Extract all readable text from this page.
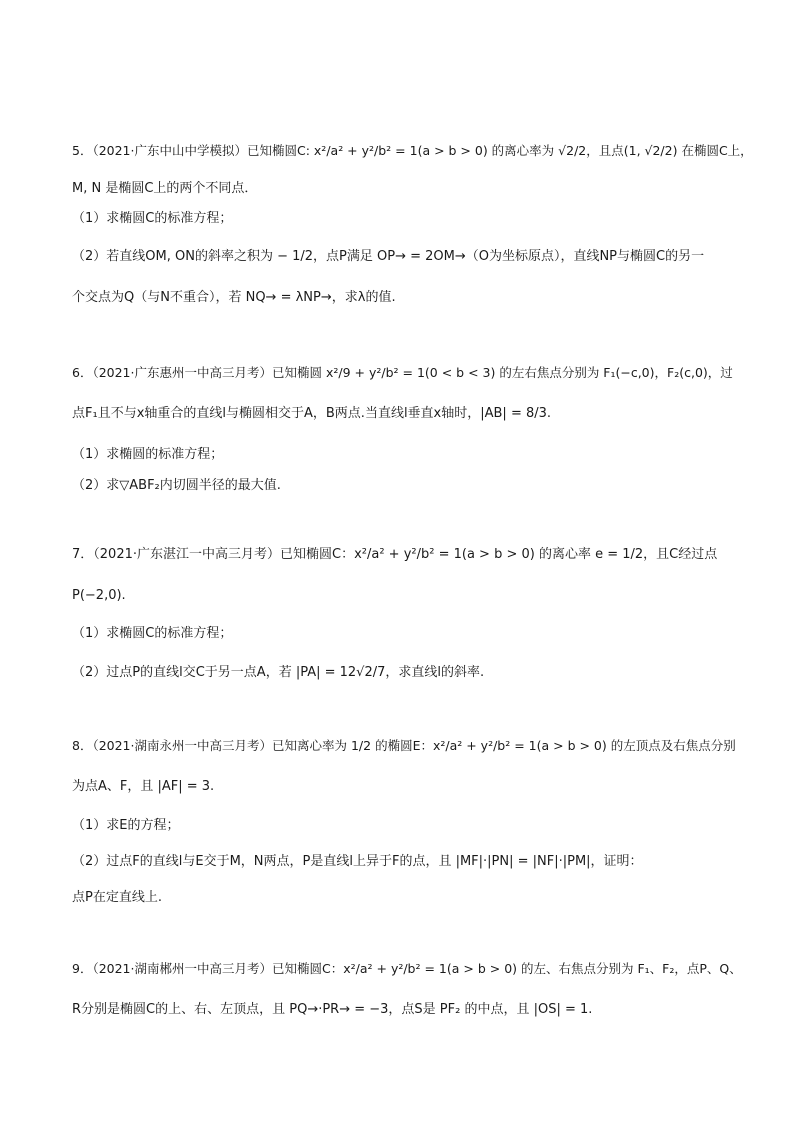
5．（2021·广东中山中学模拟）已知椭圆C: x²/a² + y²/b² = 1(a > b > 0) 的离心率为 √2/2，且点(1, √2/2) 在椭圆C上，
M, N 是椭圆C上的两个不同点．
（1）求椭圆C的标准方程；
（2）若直线OM, ON的斜率之积为 − 1/2，点P满足 OP→ = 2OM→（O为坐标原点），直线NP与椭圆C的另一
个交点为Q（与N不重合），若 NQ→ = λNP→，求λ的值.
6．（2021·广东惠州一中高三月考）已知椭圆 x²/9 + y²/b² = 1(0 < b < 3) 的左右焦点分别为 F₁(−c,0)，F₂(c,0)，过
点F₁且不与x轴重合的直线l与椭圆相交于A，B两点.当直线l垂直x轴时，|AB| = 8/3.
（1）求椭圆的标准方程；
（2）求▽ABF₂内切圆半径的最大值.
7．（2021·广东湛江一中高三月考）已知椭圆C：x²/a² + y²/b² = 1(a > b > 0) 的离心率 e = 1/2，且C经过点
P(−2,0).
（1）求椭圆C的标准方程；
（2）过点P的直线l交C于另一点A，若 |PA| = 12√2/7，求直线l的斜率.
8．（2021·湖南永州一中高三月考）已知离心率为 1/2 的椭圆E：x²/a² + y²/b² = 1(a > b > 0) 的左顶点及右焦点分别
为点A、F，且 |AF| = 3.
（1）求E的方程；
（2）过点F的直线l与E交于M，N两点，P是直线l上异于F的点，且 |MF|·|PN| = |NF|·|PM|，证明：
点P在定直线上.
9．（2021·湖南郴州一中高三月考）已知椭圆C：x²/a² + y²/b² = 1(a > b > 0) 的左、右焦点分别为 F₁、F₂，点P、Q、
R分别是椭圆C的上、右、左顶点，且 PQ→·PR→ = −3，点S是 PF₂ 的中点，且 |OS| = 1.
